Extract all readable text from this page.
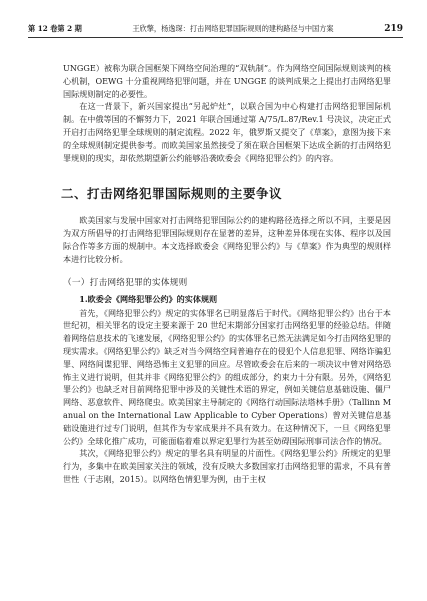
第 12 卷第 2 期	王欣擎，杨逸琛：打击网络犯罪国际规则的建构路径与中国方案	219

UNGGE）被称为联合国框架下网络空间治理的“双轨制”。作为网络空间国际规则谈判的核心机制，OEWG 十分重视网络犯罪问题，并在 UNGGE 的谈判成果之上提出打击网络犯罪国际规则制定的必要性。

在这一背景下，新兴国家提出“另起炉灶”，以联合国为中心构建打击网络犯罪国际机制。在中俄等国的不懈努力下，2021 年联合国通过第 A/75/L.87/Rev.1 号决议，决定正式开启打击网络犯罪全球规则的制定流程。2022 年，俄罗斯又提交了《草案》，意图为接下来的全球规则制定提供参考。而欧美国家虽然接受了须在联合国框架下达成全新的打击网络犯罪规则的现实，却依然期望新公约能够沿袭欧委会《网络犯罪公约》的内容。

二、打击网络犯罪国际规则的主要争议

欧美国家与发展中国家对打击网络犯罪国际公约的建构路径选择之所以不同，主要是因为双方所倡导的打击网络犯罪国际规则存在显著的差异，这种差异体现在实体、程序以及国际合作等多方面的规制中。本文选择欧委会《网络犯罪公约》与《草案》作为典型的规则样本进行比较分析。

（一）打击网络犯罪的实体规则
1.欧委会《网络犯罪公约》的实体规则

首先，《网络犯罪公约》规定的实体罪名已明显落后于时代。《网络犯罪公约》出台于本世纪初，相关罪名的设定主要来源于 20 世纪末期部分国家打击网络犯罪的经验总结。伴随着网络信息技术的飞速发展，《网络犯罪公约》的实体罪名已然无法满足如今打击网络犯罪的现实需求。《网络犯罪公约》缺乏对当今网络空间普遍存在的侵犯个人信息犯罪、网络诈骗犯罪、网络间谍犯罪、网络恐怖主义犯罪的回应。尽管欧委会在后来的一项决议中曾对网络恐怖主义进行说明，但其并非《网络犯罪公约》的组成部分，约束力十分有限。另外，《网络犯罪公约》也缺乏对目前网络犯罪中涉及的关键性术语的界定，例如关键信息基础设施、僵尸网络、恶意软件、网络爬虫。欧美国家主导制定的《网络行动国际法塔林手册》（Tallinn Manual on the International Law Applicable to Cyber Operations）曾对关键信息基础设施进行过专门说明，但其作为专家成果并不具有效力。在这种情况下，一旦《网络犯罪公约》全球化推广成功，可能面临着难以界定犯罪行为甚至妨碍国际刑事司法合作的情况。

其次，《网络犯罪公约》规定的罪名具有明显的片面性。《网络犯罪公约》所规定的犯罪行为，多集中在欧美国家关注的领域，没有反映大多数国家打击网络犯罪的需求，不具有普世性（于志刚，2015）。以网络色情犯罪为例，由于主权
